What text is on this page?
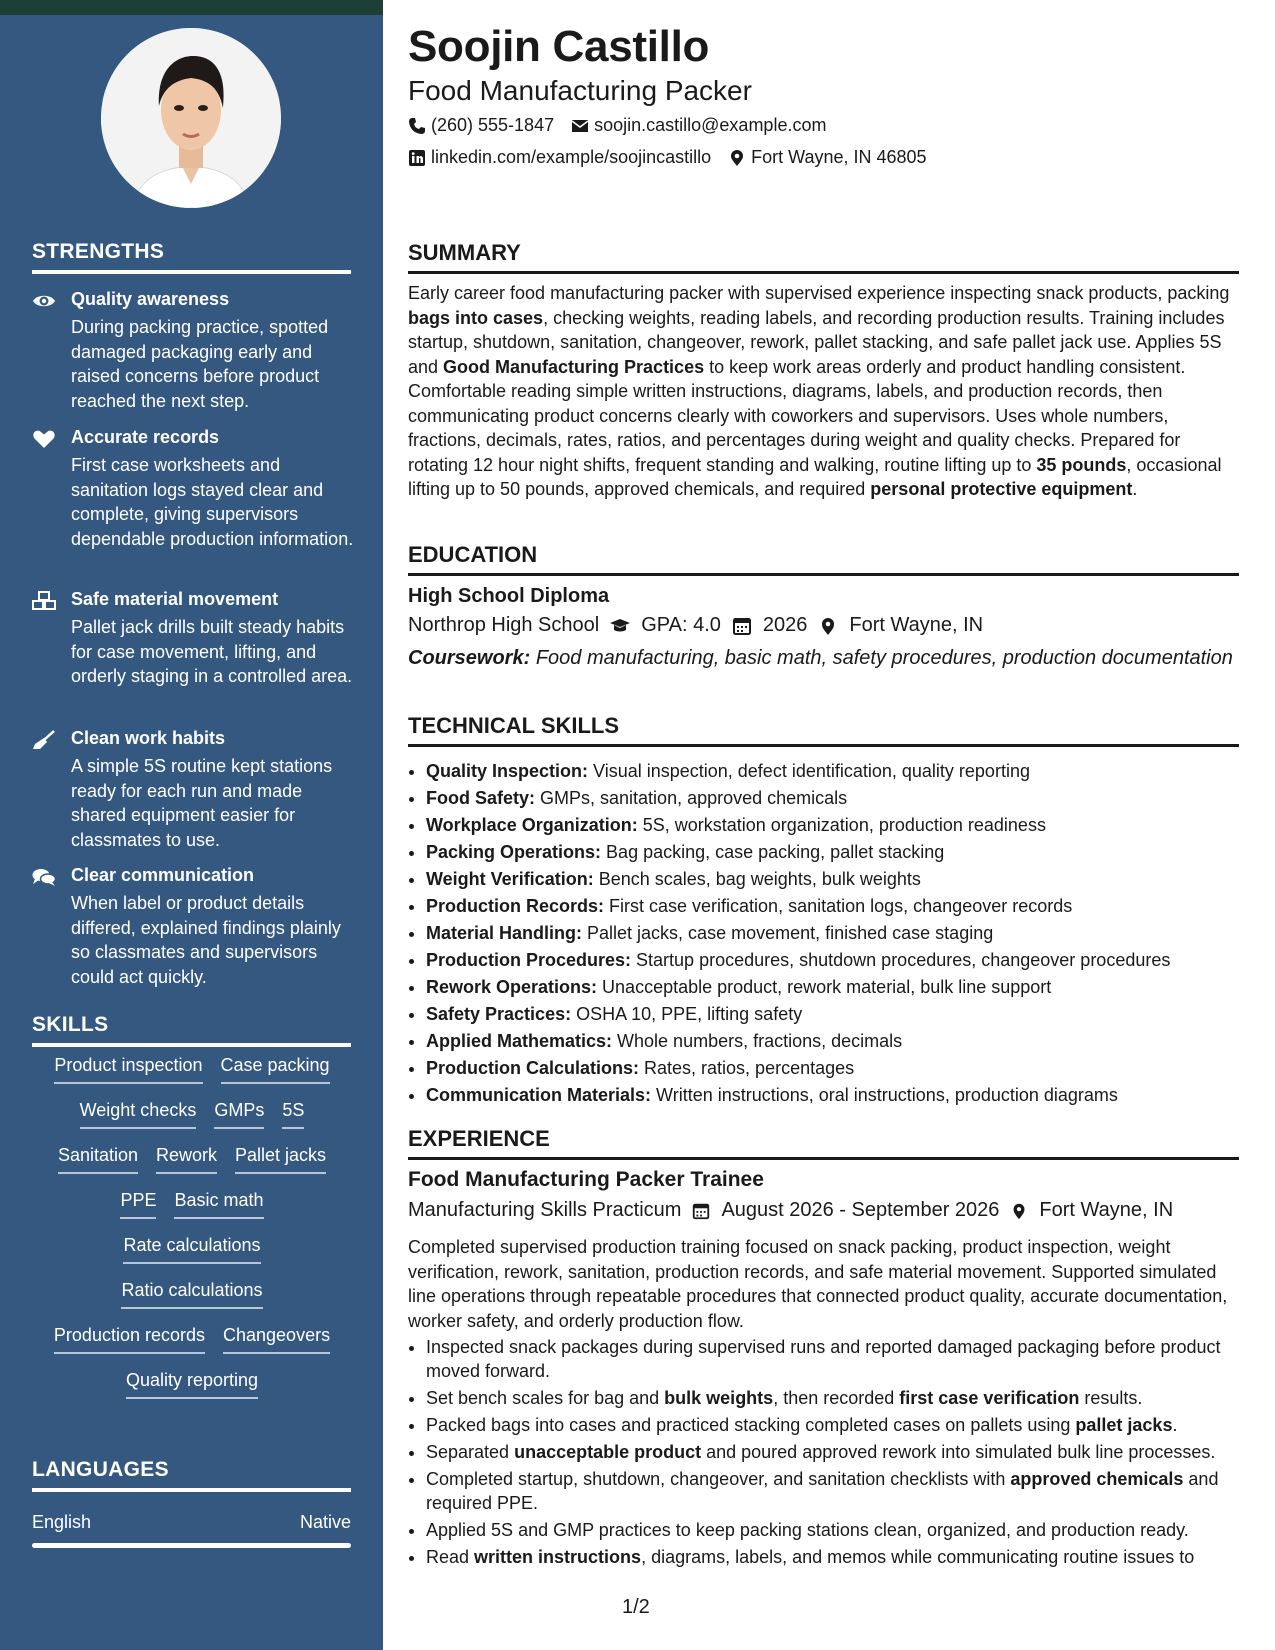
STRENGTHS
Quality awareness
During packing practice, spotted damaged packaging early and raised concerns before product reached the next step.
Accurate records
First case worksheets and sanitation logs stayed clear and complete, giving supervisors dependable production information.
Safe material movement
Pallet jack drills built steady habits for case movement, lifting, and orderly staging in a controlled area.
Clean work habits
A simple 5S routine kept stations ready for each run and made shared equipment easier for classmates to use.
Clear communication
When label or product details differed, explained findings plainly so classmates and supervisors could act quickly.
SKILLS
Product inspection Case packing
Weight checks GMPs 5S
Sanitation Rework Pallet jacks
PPE Basic math
Rate calculations
Ratio calculations
Production records Changeovers
Quality reporting
LANGUAGES
English	Native
Soojin Castillo
Food Manufacturing Packer
(260) 555-1847 soojin.castillo@example.com
linkedin.com/example/soojincastillo Fort Wayne, IN 46805
SUMMARY
Early career food manufacturing packer with supervised experience inspecting snack products, packing bags into cases, checking weights, reading labels, and recording production results. Training includes startup, shutdown, sanitation, changeover, rework, pallet stacking, and safe pallet jack use. Applies 5S and Good Manufacturing Practices to keep work areas orderly and product handling consistent. Comfortable reading simple written instructions, diagrams, labels, and production records, then communicating product concerns clearly with coworkers and supervisors. Uses whole numbers, fractions, decimals, rates, ratios, and percentages during weight and quality checks. Prepared for rotating 12 hour night shifts, frequent standing and walking, routine lifting up to 35 pounds, occasional lifting up to 50 pounds, approved chemicals, and required personal protective equipment.
EDUCATION
High School Diploma
Northrop High School GPA: 4.0 2026 Fort Wayne, IN
Coursework: Food manufacturing, basic math, safety procedures, production documentation
TECHNICAL SKILLS
• Quality Inspection: Visual inspection, defect identification, quality reporting
• Food Safety: GMPs, sanitation, approved chemicals
• Workplace Organization: 5S, workstation organization, production readiness
• Packing Operations: Bag packing, case packing, pallet stacking
• Weight Verification: Bench scales, bag weights, bulk weights
• Production Records: First case verification, sanitation logs, changeover records
• Material Handling: Pallet jacks, case movement, finished case staging
• Production Procedures: Startup procedures, shutdown procedures, changeover procedures
• Rework Operations: Unacceptable product, rework material, bulk line support
• Safety Practices: OSHA 10, PPE, lifting safety
• Applied Mathematics: Whole numbers, fractions, decimals
• Production Calculations: Rates, ratios, percentages
• Communication Materials: Written instructions, oral instructions, production diagrams
EXPERIENCE
Food Manufacturing Packer Trainee
Manufacturing Skills Practicum August 2026 - September 2026 Fort Wayne, IN
Completed supervised production training focused on snack packing, product inspection, weight verification, rework, sanitation, production records, and safe material movement. Supported simulated line operations through repeatable procedures that connected product quality, accurate documentation, worker safety, and orderly production flow.
• Inspected snack packages during supervised runs and reported damaged packaging before product moved forward.
• Set bench scales for bag and bulk weights, then recorded first case verification results.
• Packed bags into cases and practiced stacking completed cases on pallets using pallet jacks.
• Separated unacceptable product and poured approved rework into simulated bulk line processes.
• Completed startup, shutdown, changeover, and sanitation checklists with approved chemicals and required PPE.
• Applied 5S and GMP practices to keep packing stations clean, organized, and production ready.
• Read written instructions, diagrams, labels, and memos while communicating routine issues to
1/2
